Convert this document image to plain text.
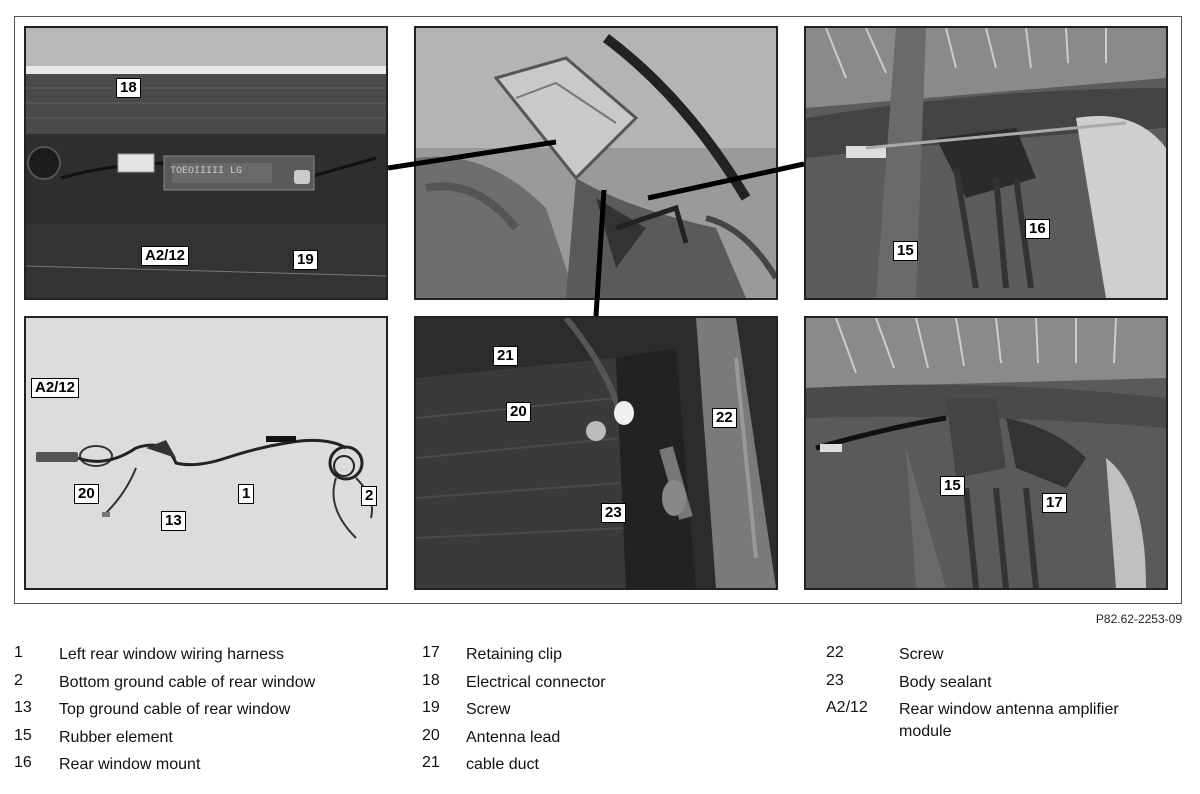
18
A2/12	19
TOEOIIIII LG
15
16
A2/12
20
13
1	2
21
20	22
23
15
17
P82.62-2253-09
1 Left rear window wiring harness
2 Bottom ground cable of rear window
13 Top ground cable of rear window
15 Rubber element
16 Rear window mount
17 Retaining clip
18 Electrical connector
19 Screw
20 Antenna lead
21 cable duct
22	Screw
23	Body sealant
A2/12 Rear window antenna amplifier module
